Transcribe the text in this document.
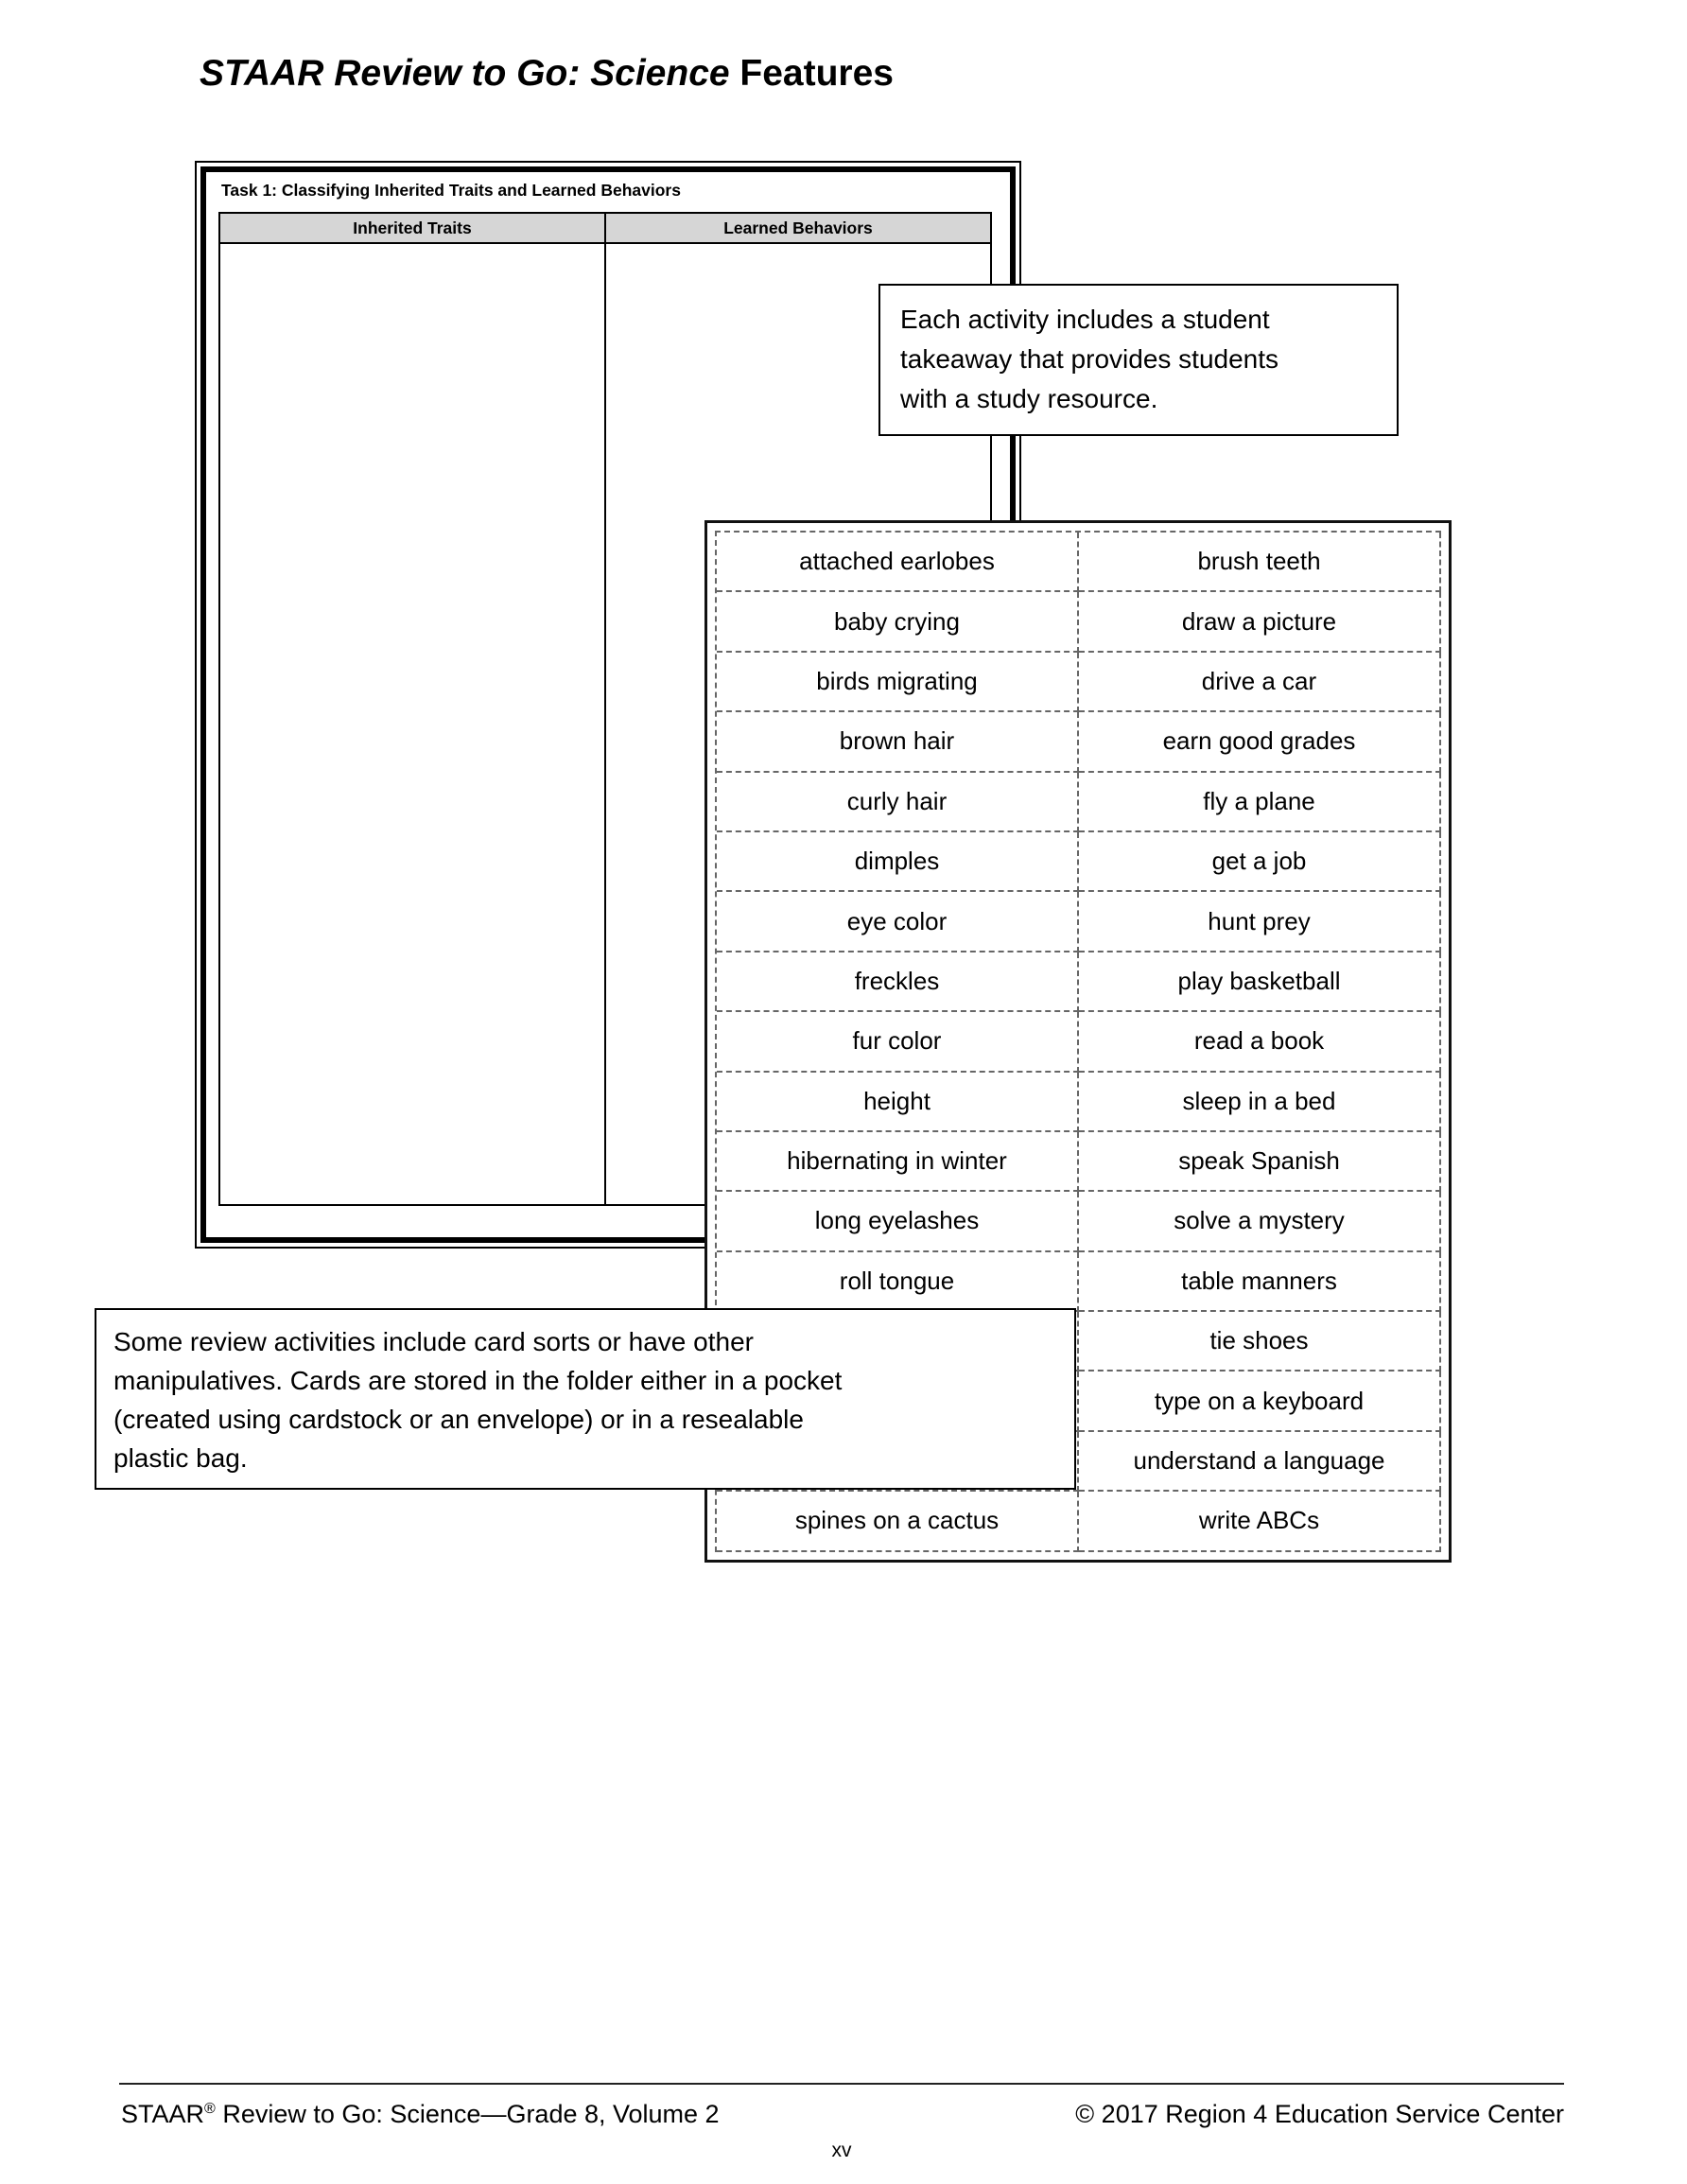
STAAR Review to Go: Science Features
Task 1: Classifying Inherited Traits and Learned Behaviors
Inherited Traits	Learned Behaviors
Each activity includes a student
takeaway that provides students
with a study resource.
attached earlobes	brush teeth
baby crying	draw a picture
birds migrating	drive a car
brown hair	earn good grades
curly hair	fly a plane
dimples	get a job
eye color	hunt prey
freckles	play basketball
fur color	read a book
height	sleep in a bed
hibernating in winter	speak Spanish
long eyelashes	solve a mystery
roll tongue	table manners
tie shoes
type on a keyboard
understand a language
spines on a cactus	write ABCs
Some review activities include card sorts or have other
manipulatives. Cards are stored in the folder either in a pocket
(created using cardstock or an envelope) or in a resealable
plastic bag.
STAAR® Review to Go: Science—Grade 8, Volume 2	© 2017 Region 4 Education Service Center
xv
